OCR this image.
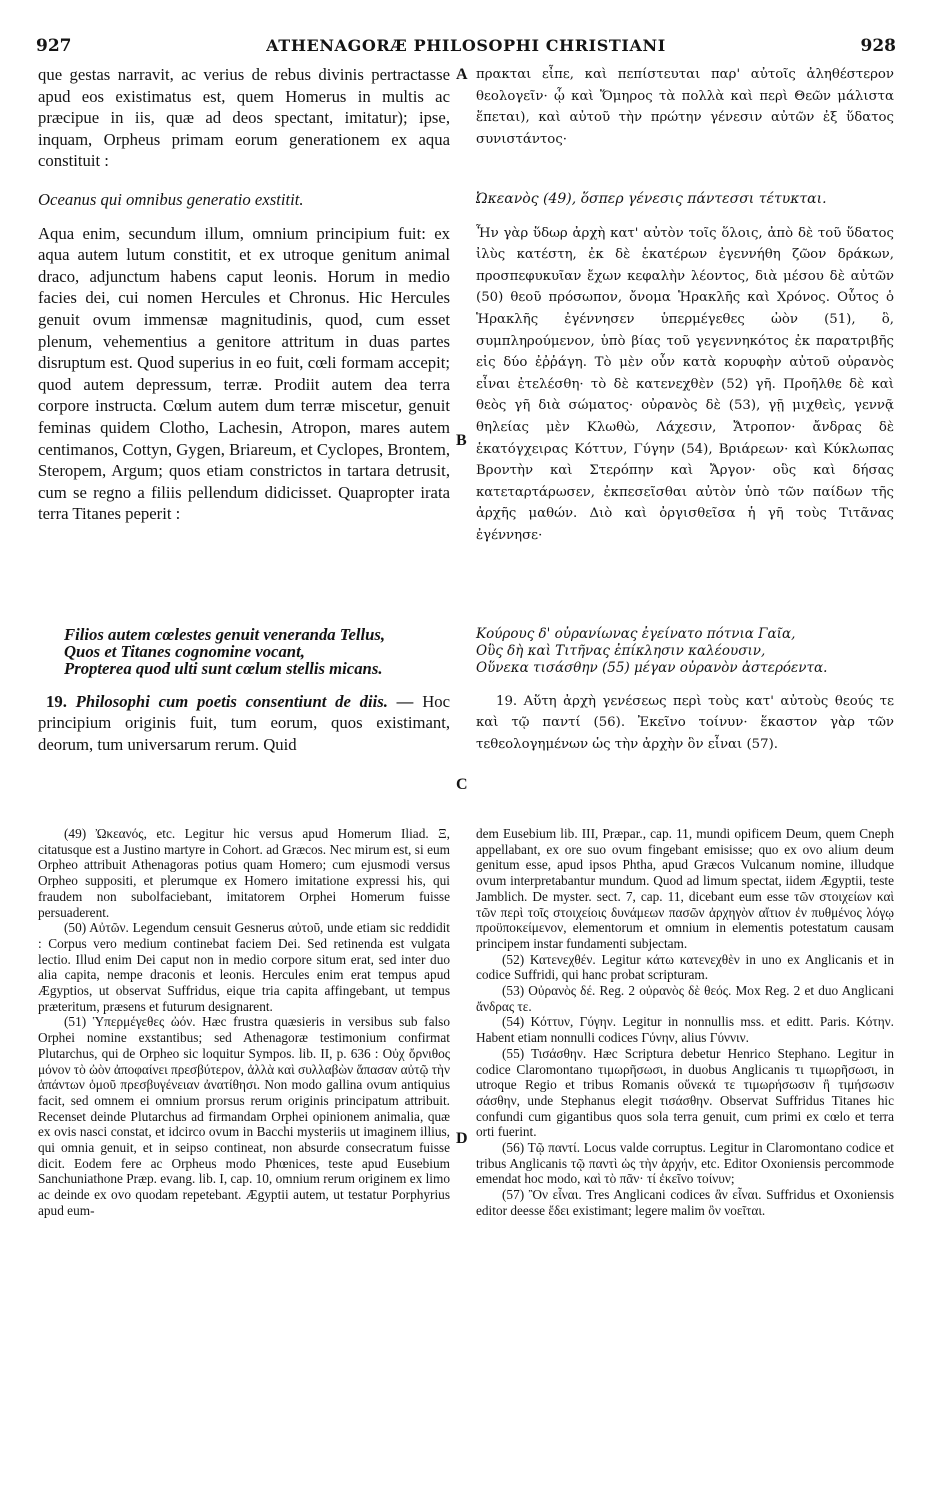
927	ATHENAGORÆ PHILOSOPHI CHRISTIANI	928

que gestas narravit, ac verius de rebus divinis pertractasse apud eos existimatus est, quem Homerus in multis ac præcipue in iis, quæ ad deos spectant, imitatur); ipse, inquam, Orpheus primam eorum generationem ex aqua constituit :

Oceanus qui omnibus generatio exstitit.

Aqua enim, secundum illum, omnium principium fuit: ex aqua autem lutum constitit, et ex utroque genitum animal draco, adjunctum habens caput leonis. Horum in medio facies dei, cui nomen Hercules et Chronus. Hic Hercules genuit ovum immensæ magnitudinis, quod, cum esset plenum, vehementius a genitore attritum in duas partes disruptum est. Quod superius in eo fuit, cœli formam accepit; quod autem depressum, terræ. Prodiit autem dea terra corpore instructa. Cœlum autem dum terræ miscetur, genuit feminas quidem Clotho, Lachesin, Atropon, mares autem centimanos, Cottyn, Gygen, Briareum, et Cyclopes, Brontem, Steropem, Argum; quos etiam constrictos in tartara detrusit, cum se regno a filiis pellendum didicisset. Quapropter irata terra Titanes peperit :

Filios autem cœlestes genuit veneranda Tellus,

Quos et Titanes cognomine vocant,

Propterea quod ulti sunt cœlum stellis micans.

19. Philosophi cum poetis consentiunt de diis. — Hoc principium originis fuit, tum eorum, quos existimant, deorum, tum universarum rerum. Quid

πρακται εἶπε, καὶ πεπίστευται παρ' αὐτοῖς ἀληθέστερον θεολογεῖν· ᾧ καὶ Ὅμηρος τὰ πολλὰ καὶ περὶ Θεῶν μάλιστα ἕπεται), καὶ αὐτοῦ τὴν πρώτην γένεσιν αὐτῶν ἐξ ὕδατος συνιστάντος·

Ὠκεανὸς (49), ὅσπερ γένεσις πάντεσσι τέτυκται.

Ἦν γὰρ ὕδωρ ἀρχὴ κατ' αὐτὸν τοῖς ὅλοις, ἀπὸ δὲ τοῦ ὕδατος ἰλὺς κατέστη, ἐκ δὲ ἑκατέρων ἐγεννήθη ζῶον δράκων, προσπεφυκυῖαν ἔχων κεφαλὴν λέοντος, διὰ μέσου δὲ αὐτῶν (50) θεοῦ πρόσωπον, ὄνομα Ἡρακλῆς καὶ Χρόνος. Οὗτος ὁ Ἡρακλῆς ἐγέννησεν ὑπερμέγεθες ὠὸν (51), ὃ, συμπληρούμενον, ὑπὸ βίας τοῦ γεγεννηκότος ἐκ παρατριβῆς εἰς δύο ἐῤῥάγη. Τὸ μὲν οὖν κατὰ κορυφὴν αὐτοῦ οὐρανὸς εἶναι ἐτελέσθη· τὸ δὲ κατενεχθὲν (52) γῆ. Προῆλθε δὲ καὶ θεὸς γῆ διὰ σώματος· οὐρανὸς δὲ (53), γῇ μιχθεὶς, γεννᾷ θηλείας μὲν Κλωθὼ, Λάχεσιν, Ἄτροπον· ἄνδρας δὲ ἑκατόγχειρας Κόττυν, Γύγην (54), Βριάρεων· καὶ Κύκλωπας Βροντὴν καὶ Στερόπην καὶ Ἄργον· οὓς καὶ δήσας κατεταρτάρωσεν, ἐκπεσεῖσθαι αὐτὸν ὑπὸ τῶν παίδων τῆς ἀρχῆς μαθών. Διὸ καὶ ὀργισθεῖσα ἡ γῆ τοὺς Τιτᾶνας ἐγέννησε·

Κούρους δ' οὐρανίωνας ἐγείνατο πότνια Γαῖα,

Οὓς δὴ καὶ Τιτῆνας ἐπίκλησιν καλέουσιν,

Οὕνεκα τισάσθην (55) μέγαν οὐρανὸν ἀστερόεντα.

19. Αὕτη ἀρχὴ γενέσεως περὶ τοὺς κατ' αὐτοὺς θεούς τε καὶ τῷ παντί (56). Ἐκεῖνο τοίνυν· ἕκαστον γὰρ τῶν τεθεολογημένων ὡς τὴν ἀρχὴν ὃν εἶναι (57).

A
B
C

(49) Ὠκεανός, etc. Legitur hic versus apud Homerum Iliad. Ξ, citatusque est a Justino martyre in Cohort. ad Græcos. Nec mirum est, si eum Orpheo attribuit Athenagoras potius quam Homero; cum ejusmodi versus Orpheo suppositi, et plerumque ex Homero imitatione expressi his, qui fraudem non subolfaciebant, imitatorem Orphei Homerum fuisse persuaderent.

(50) Αὐτῶν. Legendum censuit Gesnerus αὐτοῦ, unde etiam sic reddidit : Corpus vero medium continebat faciem Dei. Sed retinenda est vulgata lectio. Illud enim Dei caput non in medio corpore situm erat, sed inter duo alia capita, nempe draconis et leonis. Hercules enim erat tempus apud Ægyptios, ut observat Suffridus, eique tria capita affingebant, ut tempus præteritum, præsens et futurum designarent.

(51) Ὑπερμέγεθες ὠόν. Hæc frustra quæsieris in versibus sub falso Orphei nomine exstantibus; sed Athenagoræ testimonium confirmat Plutarchus, qui de Orpheo sic loquitur Sympos. lib. II, p. 636 : Οὐχ ὄρνιθος μόνον τὸ ὠὸν ἀποφαίνει πρεσβύτερον, ἀλλὰ καὶ συλλαβὼν ἅπασαν αὐτῷ τὴν ἁπάντων ὁμοῦ πρεσβυγένειαν ἀνατίθησι. Non modo gallina ovum antiquius facit, sed omnem ei omnium prorsus rerum originis principatum attribuit. Recenset deinde Plutarchus ad firmandam Orphei opinionem animalia, quæ ex ovis nasci constat, et idcirco ovum in Bacchi mysteriis ut imaginem illius, qui omnia genuit, et in seipso contineat, non absurde consecratum fuisse dicit. Eodem fere ac Orpheus modo Phœnices, teste apud Eusebium Sanchuniathone Præp. evang. lib. I, cap. 10, omnium rerum originem ex limo ac deinde ex ovo quodam repetebant. Ægyptii autem, ut testatur Porphyrius apud eum-

dem Eusebium lib. III, Præpar., cap. 11, mundi opificem Deum, quem Cneph appellabant, ex ore suo ovum fingebant emisisse; quo ex ovo alium deum genitum esse, apud ipsos Phtha, apud Græcos Vulcanum nomine, illudque ovum interpretabantur mundum. Quod ad limum spectat, iidem Ægyptii, teste Jamblich. De myster. sect. 7, cap. 11, dicebant eum esse τῶν στοιχείων καὶ τῶν περὶ τοῖς στοιχείοις δυνάμεων πασῶν ἀρχηγὸν αἴτιον ἐν πυθμένος λόγῳ προϋποκείμενον, elementorum et omnium in elementis potestatum causam principem instar fundamenti subjectam.

(52) Κατενεχθέν. Legitur κάτω κατενεχθὲν in uno ex Anglicanis et in codice Suffridi, qui hanc probat scripturam.

(53) Οὐρανὸς δέ. Reg. 2 οὐρανὸς δὲ θεός. Mox Reg. 2 et duo Anglicani ἄνδρας τε.

(54) Κόττυν, Γύγην. Legitur in nonnullis mss. et editt. Paris. Κότην. Habent etiam nonnulli codices Γύνην, alius Γύννιν.

(55) Τισάσθην. Hæc Scriptura debetur Henrico Stephano. Legitur in codice Claromontano τιμωρῆσωσι, in duobus Anglicanis τι τιμωρῆσωσι, in utroque Regio et tribus Romanis οὕνεκά τε τιμωρήσωσιν ἢ τιμήσωσιν σάσθην, unde Stephanus elegit τισάσθην. Observat Suffridus Titanes hic confundi cum gigantibus quos sola terra genuit, cum primi ex cœlo et terra orti fuerint.

(56) Τῷ παντί. Locus valde corruptus. Legitur in Claromontano codice et tribus Anglicanis τῷ παντὶ ὡς τὴν ἀρχήν, etc. Editor Oxoniensis percommode emendat hoc modo, καὶ τὸ πᾶν· τί ἐκεῖνο τοίνυν;

(57) Ὂν εἶναι. Tres Anglicani codices ἂν εἶναι. Suffridus et Oxoniensis editor deesse ἔδει existimant; legere malim ὂν νοεῖται.

D
